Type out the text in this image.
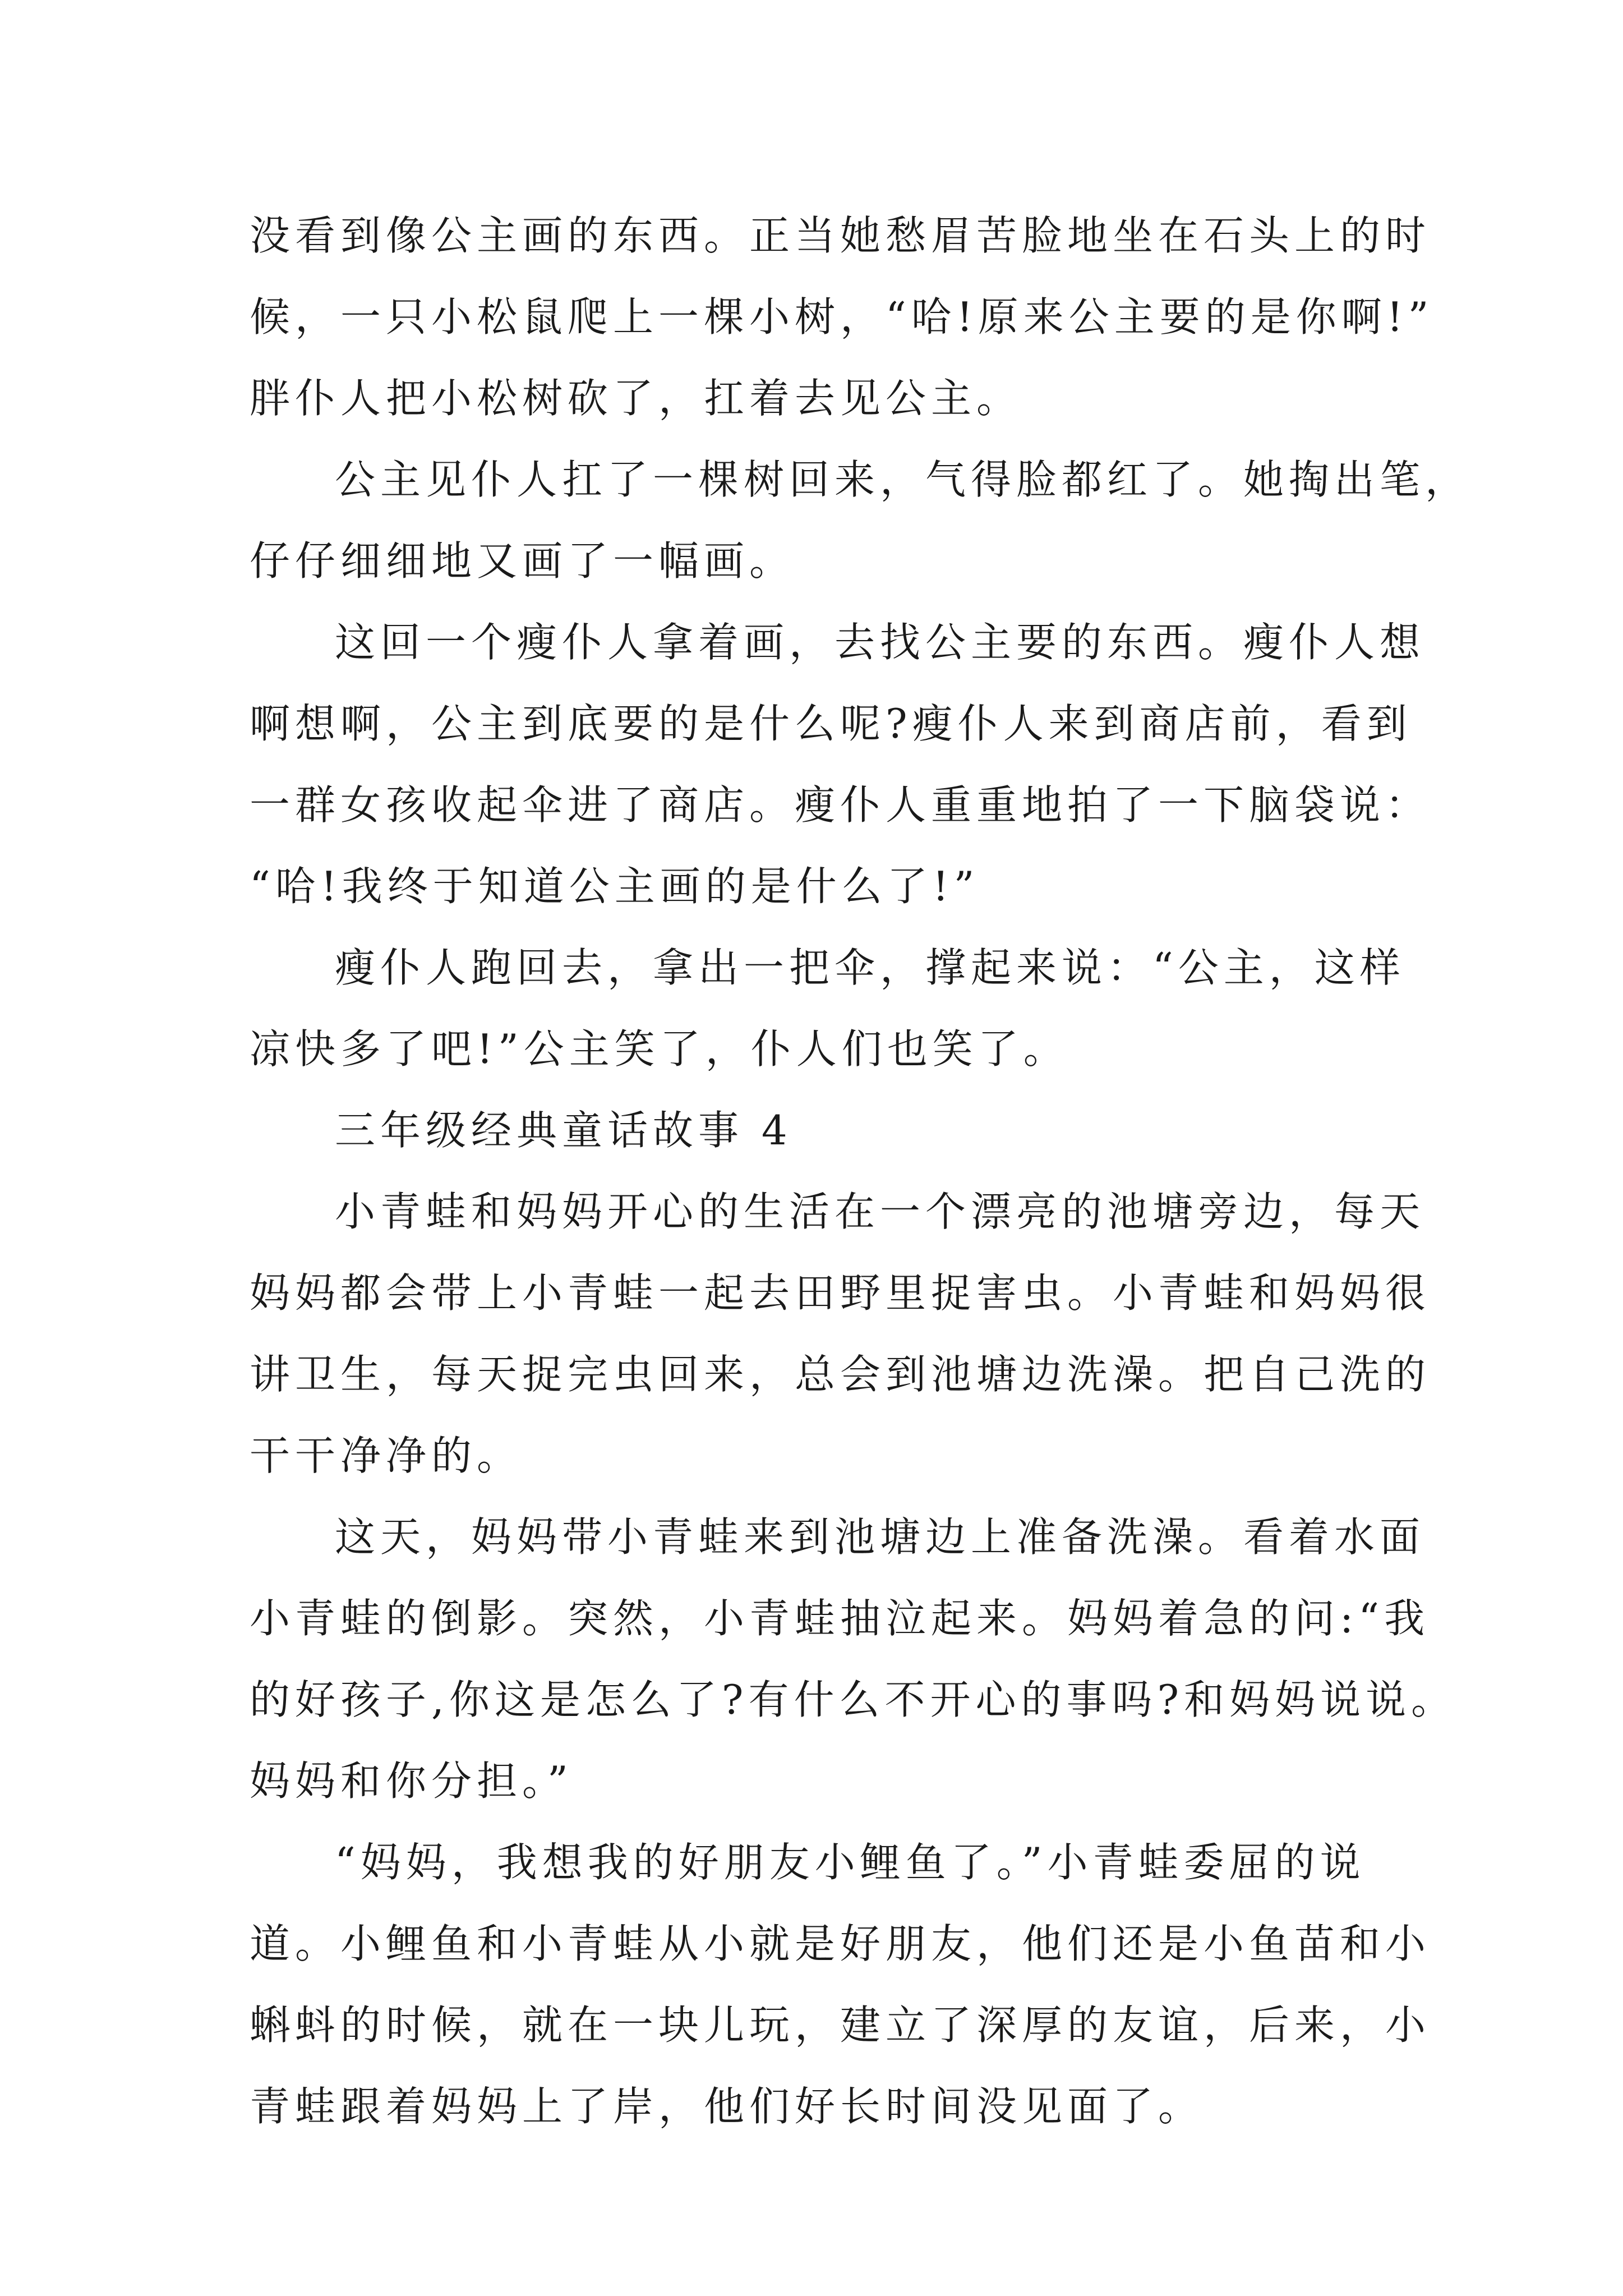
没看到像公主画的东西。正当她愁眉苦脸地坐在石头上的时
候，一只小松鼠爬上一棵小树，“哈!原来公主要的是你啊!”
胖仆人把小松树砍了，扛着去见公主。
公主见仆人扛了一棵树回来，气得脸都红了。她掏出笔，
仔仔细细地又画了一幅画。
这回一个瘦仆人拿着画，去找公主要的东西。瘦仆人想
啊想啊，公主到底要的是什么呢?瘦仆人来到商店前，看到
一群女孩收起伞进了商店。瘦仆人重重地拍了一下脑袋说：
“哈!我终于知道公主画的是什么了!”
瘦仆人跑回去，拿出一把伞，撑起来说：“公主，这样
凉快多了吧!”公主笑了，仆人们也笑了。
三年级经典童话故事 4
小青蛙和妈妈开心的生活在一个漂亮的池塘旁边，每天
妈妈都会带上小青蛙一起去田野里捉害虫。小青蛙和妈妈很
讲卫生，每天捉完虫回来，总会到池塘边洗澡。把自己洗的
干干净净的。
这天，妈妈带小青蛙来到池塘边上准备洗澡。看着水面
小青蛙的倒影。突然，小青蛙抽泣起来。妈妈着急的问:“我
的好孩子,你这是怎么了?有什么不开心的事吗?和妈妈说说。
妈妈和你分担。”
“妈妈，我想我的好朋友小鲤鱼了。”小青蛙委屈的说
道。小鲤鱼和小青蛙从小就是好朋友，他们还是小鱼苗和小
蝌蚪的时候，就在一块儿玩，建立了深厚的友谊，后来，小
青蛙跟着妈妈上了岸，他们好长时间没见面了。
